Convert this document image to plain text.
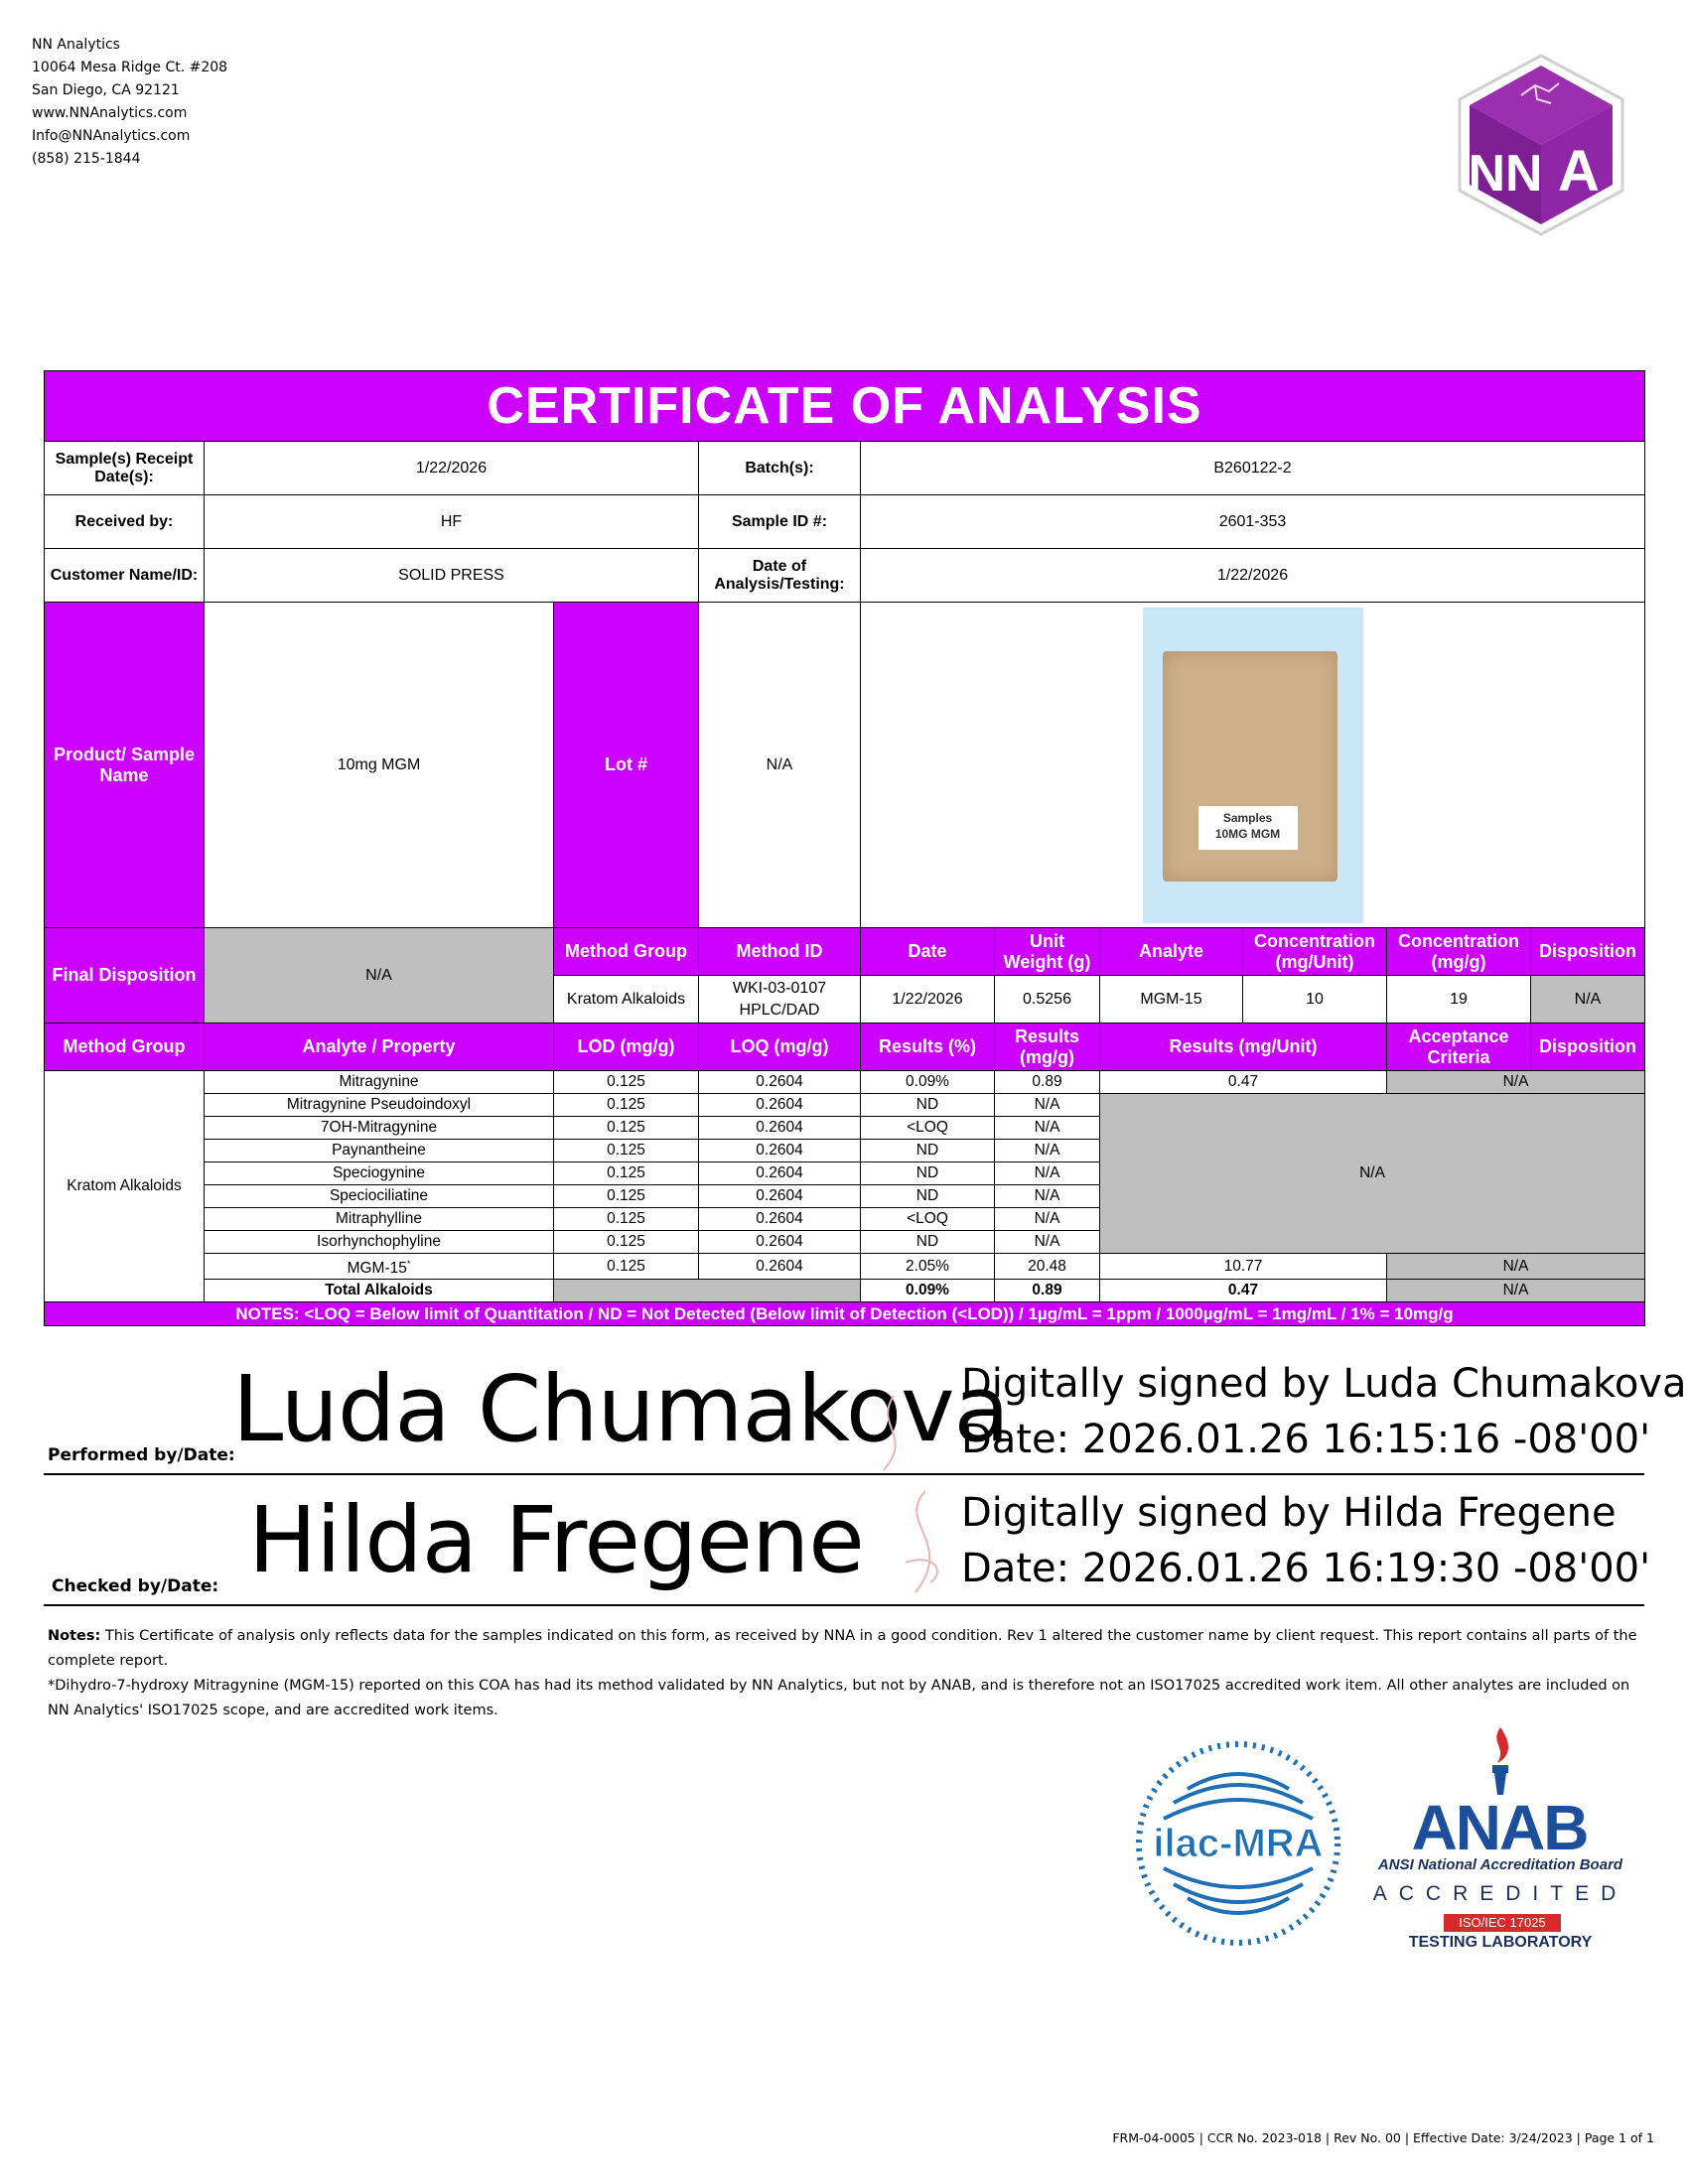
NN Analytics
10064 Mesa Ridge Ct. #208
San Diego, CA 92121
www.NNAnalytics.com
Info@NNAnalytics.com
(858) 215-1844	NN A
CERTIFICATE OF ANALYSIS									
Sample(s) Receipt Date(s):	1/22/2026		Batch(s):	B260122-2					
Received by:	HF		Sample ID #:	2601-353					
Customer Name/ID:	SOLID PRESS		Date of Analysis/Testing:	1/22/2026					
Product/ Sample Name	10mg MGM	Lot #	N/A	Samples
10MG MGM					

Final Disposition	N/A	Method Group	Method ID	Date	Unit Weight (g)	Analyte	Concentration (mg/Unit)	Concentration (mg/g)	Disposition
		Kratom Alkaloids	WKI-03-0107 HPLC/DAD	1/22/2026	0.5256	MGM-15	10	19	N/A
Method Group	Analyte / Property	LOD (mg/g)	LOQ (mg/g)	Results (%)	Results (mg/g)	Results (mg/Unit)		Acceptance Criteria	Disposition
Kratom Alkaloids	Mitragynine	0.125	0.2604	0.09%	0.89	0.47		N/A	
	Mitragynine Pseudoindoxyl	0.125	0.2604	ND	N/A	N/A			
	7OH-Mitragynine	0.125	0.2604	<LOQ	N/A				
	Paynantheine	0.125	0.2604	ND	N/A				
	Speciogynine	0.125	0.2604	ND	N/A				
	Speciociliatine	0.125	0.2604	ND	N/A				
	Mitraphylline	0.125	0.2604	<LOQ	N/A				
	Isorhynchophyline	0.125	0.2604	ND	N/A				
	MGM-15*	0.125	0.2604	2.05%	20.48	10.77		N/A	
	Total Alkaloids			0.09%	0.89	0.47		N/A	
NOTES: <LOQ = Below limit of Quantitation / ND = Not Detected (Below limit of Detection (<LOD)) / 1µg/mL = 1ppm / 1000µg/mL = 1mg/mL / 1% = 10mg/g									
Performed by/Date:
Luda Chumakova
Digitally signed by Luda Chumakova
Date: 2026.01.26 16:15:16 -08'00'
Checked by/Date: Hilda Fregene Digitally signed by Hilda Fregene
Date: 2026.01.26 16:19:30 -08'00'
Notes: This Certificate of analysis only reflects data for the samples indicated on this form, as received by NNA in a good condition. Rev 1 altered the customer name by client request. This report contains all parts of the complete report.
*Dihydro-7-hydroxy Mitragynine (MGM-15) reported on this COA has had its method validated by NN Analytics, but not by ANAB, and is therefore not an ISO17025 accredited work item. All other analytes are included on NN Analytics' ISO17025 scope, and are accredited work items.
ilac-MRA	ANAB
ANSI National Accreditation Board
ACCREDITED
ISO/IEC 17025
TESTING LABORATORY
FRM-04-0005 | CCR No. 2023-018 | Rev No. 00 | Effective Date: 3/24/2023 | Page 1 of 1
